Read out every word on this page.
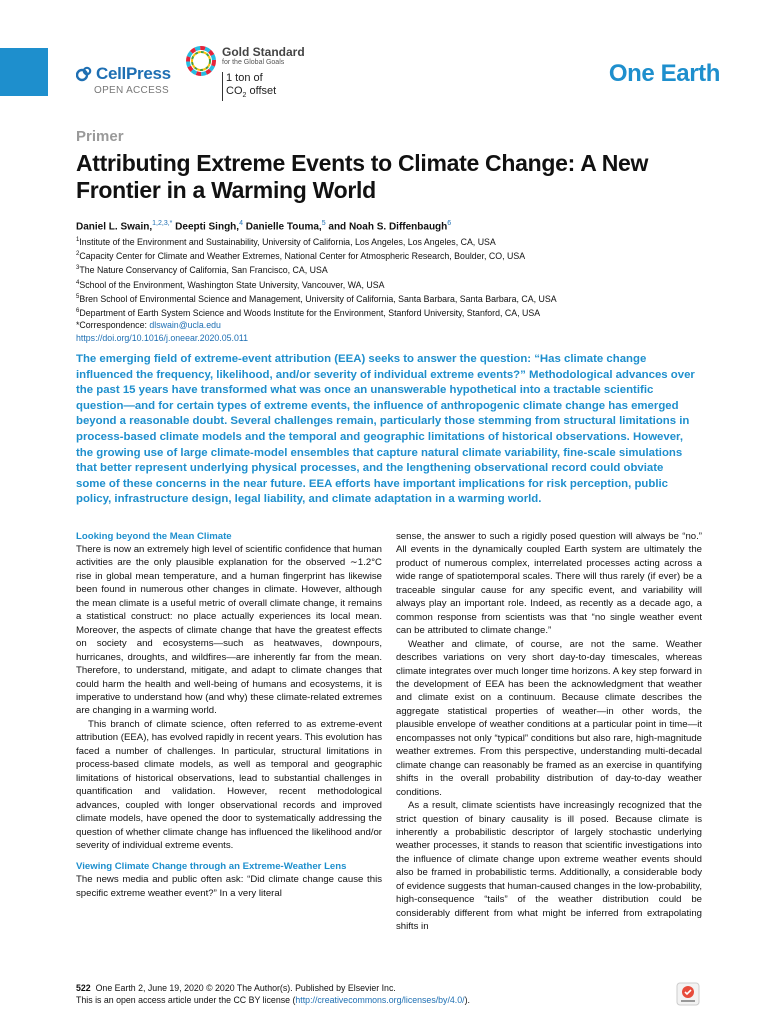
CellPress
OPEN ACCESS
Gold Standard
for the Global Goals
1 ton of
$CO_2$ offset
One Earth
Primer
Attributing Extreme Events to Climate Change: A New Frontier in a Warming World
Daniel L. Swain,$^{1,2,3,*}$ Deepti Singh,$^4$ Danielle Touma,$^5$ and Noah S. Diffenbaugh$^6$
$^1$Institute of the Environment and Sustainability, University of California, Los Angeles, Los Angeles, CA, USA
$^2$Capacity Center for Climate and Weather Extremes, National Center for Atmospheric Research, Boulder, CO, USA
$^3$The Nature Conservancy of California, San Francisco, CA, USA
$^4$School of the Environment, Washington State University, Vancouver, WA, USA
$^5$Bren School of Environmental Science and Management, University of California, Santa Barbara, Santa Barbara, CA, USA
$^6$Department of Earth System Science and Woods Institute for the Environment, Stanford University, Stanford, CA, USA
*Correspondence: dlswain@ucla.edu
https://doi.org/10.1016/j.oneear.2020.05.011

The emerging field of extreme-event attribution (EEA) seeks to answer the question: “Has climate change influenced the frequency, likelihood, and/or severity of individual extreme events?” Methodological advances over the past 15 years have transformed what was once an unanswerable hypothetical into a tractable scientific question—and for certain types of extreme events, the influence of anthropogenic climate change has emerged beyond a reasonable doubt. Several challenges remain, particularly those stemming from structural limitations in process-based climate models and the temporal and geographic limitations of historical observations. However, the growing use of large climate-model ensembles that capture natural climate variability, fine-scale simulations that better represent underlying physical processes, and the lengthening observational record could obviate some of these concerns in the near future. EEA efforts have important implications for risk perception, public policy, infrastructure design, legal liability, and climate adaptation in a warming world.

Looking beyond the Mean Climate

There is now an extremely high level of scientific confidence that human activities are the only plausible explanation for the observed ∼1.2°C rise in global mean temperature, and a human fingerprint has likewise been found in numerous other changes in climate. However, although the mean climate is a useful metric of overall climate change, it remains a statistical construct: no place actually experiences its local mean. Moreover, the aspects of climate change that have the greatest effects on society and ecosystems—such as heatwaves, downpours, hurricanes, droughts, and wildfires—are inherently far from the mean. Therefore, to understand, mitigate, and adapt to climate changes that could harm the health and well-being of humans and ecosystems, it is imperative to understand how (and why) these climate-related extremes are changing in a warming world.

This branch of climate science, often referred to as extreme-event attribution (EEA), has evolved rapidly in recent years. This evolution has faced a number of challenges. In particular, structural limitations in process-based climate models, as well as temporal and geographic limitations of historical observations, lead to substantial challenges in quantification and validation. However, recent methodological advances, coupled with longer observational records and improved climate models, have opened the door to systematically addressing the question of whether climate change has influenced the likelihood and/or severity of individual extreme events.

Viewing Climate Change through an Extreme-Weather Lens

The news media and public often ask: “Did climate change cause this specific extreme weather event?” In a very literal

sense, the answer to such a rigidly posed question will always be “no.” All events in the dynamically coupled Earth system are ultimately the product of numerous complex, interrelated processes acting across a wide range of spatiotemporal scales. There will thus rarely (if ever) be a traceable singular cause for any specific event, and variability will always play an important role. Indeed, as recently as a decade ago, a common response from scientists was that “no single weather event can be attributed to climate change.”

Weather and climate, of course, are not the same. Weather describes variations on very short day-to-day timescales, whereas climate integrates over much longer time horizons. A key step forward in the development of EEA has been the acknowledgment that weather and climate exist on a continuum. Because climate describes the aggregate statistical properties of weather—in other words, the plausible envelope of weather conditions at a particular point in time—it encompasses not only “typical” conditions but also rare, high-magnitude weather extremes. From this perspective, understanding multi-decadal climate change can reasonably be framed as an exercise in quantifying shifts in the overall probability distribution of day-to-day weather conditions.

As a result, climate scientists have increasingly recognized that the strict question of binary causality is ill posed. Because climate is inherently a probabilistic descriptor of largely stochastic underlying weather processes, it stands to reason that scientific investigations into the influence of climate change upon extreme weather events should also be framed in probabilistic terms. Additionally, a considerable body of evidence suggests that human-caused changes in the low-probability, high-consequence “tails” of the weather distribution could be considerably different from what might be inferred from extrapolating shifts in

522 One Earth 2, June 19, 2020 © 2020 The Author(s). Published by Elsevier Inc.
This is an open access article under the CC BY license (http://creativecommons.org/licenses/by/4.0/).
